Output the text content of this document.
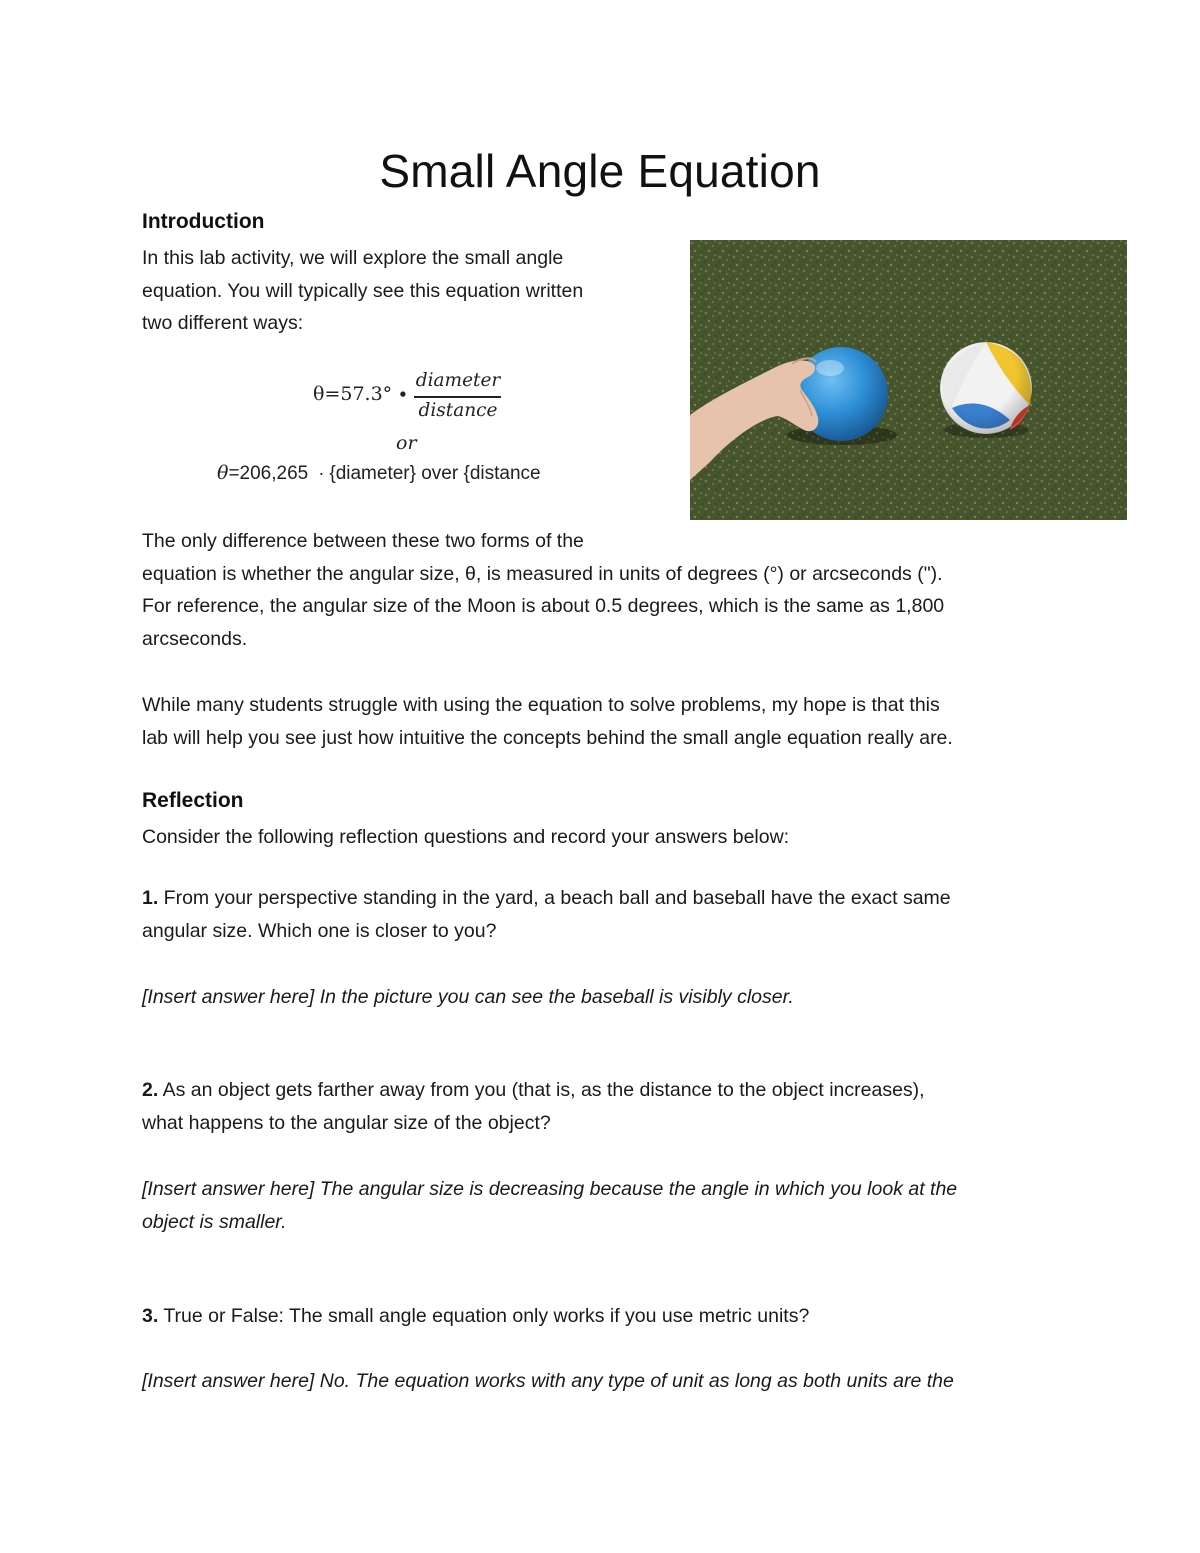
Small Angle Equation
Introduction
In this lab activity, we will explore the small angle
equation. You will typically see this equation written
two different ways:
θ=57.3° ∙
diameter
distance
or
θ=206,265  ∙ {diameter} over {distance
The only difference between these two forms of the
equation is whether the angular size, θ, is measured in units of degrees (°) or arcseconds (").
For reference, the angular size of the Moon is about 0.5 degrees, which is the same as 1,800
arcseconds.
While many students struggle with using the equation to solve problems, my hope is that this
lab will help you see just how intuitive the concepts behind the small angle equation really are.
Reflection
Consider the following reflection questions and record your answers below:
1. From your perspective standing in the yard, a beach ball and baseball have the exact same
angular size. Which one is closer to you?
[Insert answer here] In the picture you can see the baseball is visibly closer.
2. As an object gets farther away from you (that is, as the distance to the object increases),
what happens to the angular size of the object?
[Insert answer here] The angular size is decreasing because the angle in which you look at the
object is smaller.
3. True or False: The small angle equation only works if you use metric units?
[Insert answer here] No. The equation works with any type of unit as long as both units are the
